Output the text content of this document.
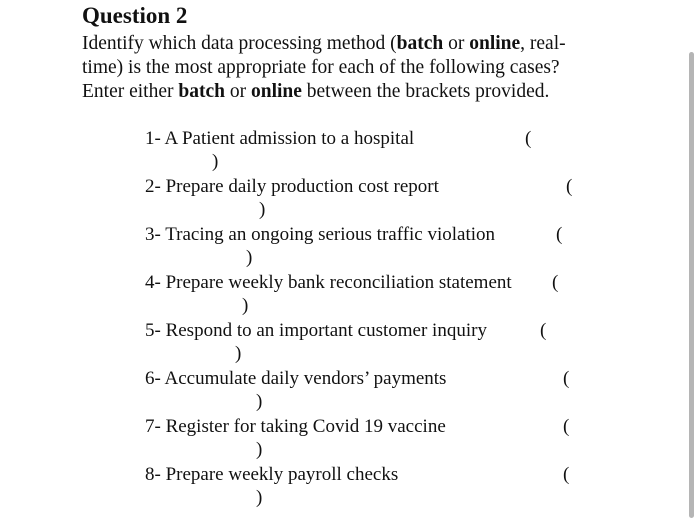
Question 2
Identify which data processing method (batch or online, real-
time) is the most appropriate for each of the following cases?
Enter either batch or online between the brackets provided.
1- A Patient admission to a hospital	(
)
2- Prepare daily production cost report	(
)
3- Tracing an ongoing serious traffic violation	(
)
4- Prepare weekly bank reconciliation statement (
)
5- Respond to an important customer inquiry	(
)
6- Accumulate daily vendors’ payments	(
)
7- Register for taking Covid 19 vaccine	(
)
8- Prepare weekly payroll checks	(
)
